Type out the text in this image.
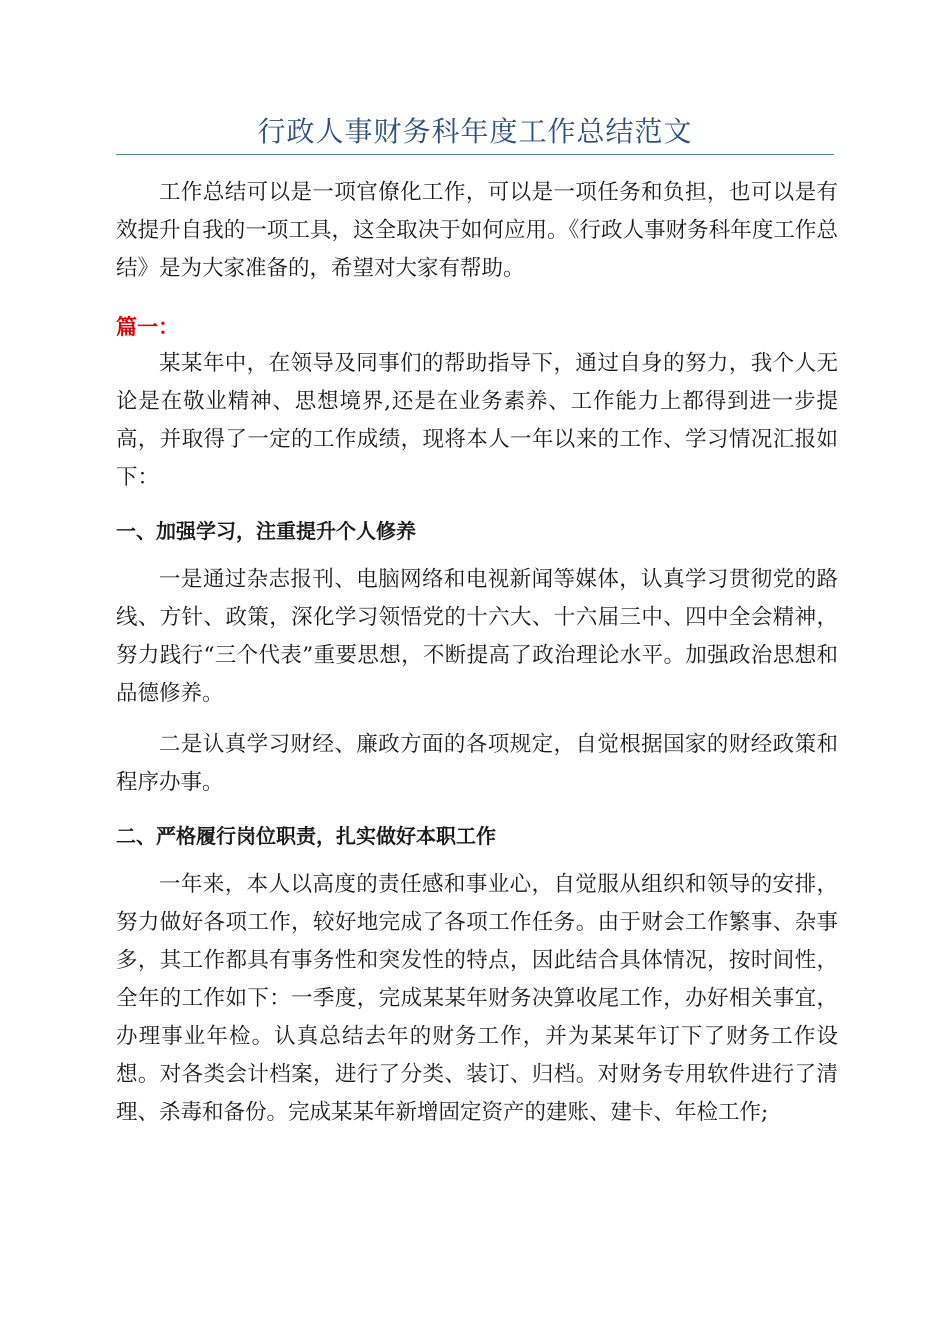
行政人事财务科年度工作总结范文

工作总结可以是一项官僚化工作，可以是一项任务和负担，也可以是有效提升自我的一项工具，这全取决于如何应用。《行政人事财务科年度工作总结》是为大家准备的，希望对大家有帮助。

篇一：

某某年中，在领导及同事们的帮助指导下，通过自身的努力，我个人无论是在敬业精神、思想境界,还是在业务素养、工作能力上都得到进一步提高，并取得了一定的工作成绩，现将本人一年以来的工作、学习情况汇报如下：

一、加强学习，注重提升个人修养

一是通过杂志报刊、电脑网络和电视新闻等媒体，认真学习贯彻党的路线、方针、政策，深化学习领悟党的十六大、十六届三中、四中全会精神，努力践行“三个代表”重要思想，不断提高了政治理论水平。加强政治思想和品德修养。

二是认真学习财经、廉政方面的各项规定，自觉根据国家的财经政策和程序办事。

二、严格履行岗位职责，扎实做好本职工作

一年来，本人以高度的责任感和事业心，自觉服从组织和领导的安排，努力做好各项工作，较好地完成了各项工作任务。由于财会工作繁事、杂事多，其工作都具有事务性和突发性的特点，因此结合具体情况，按时间性，全年的工作如下：一季度，完成某某年财务决算收尾工作，办好相关事宜，办理事业年检。认真总结去年的财务工作，并为某某年订下了财务工作设想。对各类会计档案，进行了分类、装订、归档。对财务专用软件进行了清理、杀毒和备份。完成某某年新增固定资产的建账、建卡、年检工作;
